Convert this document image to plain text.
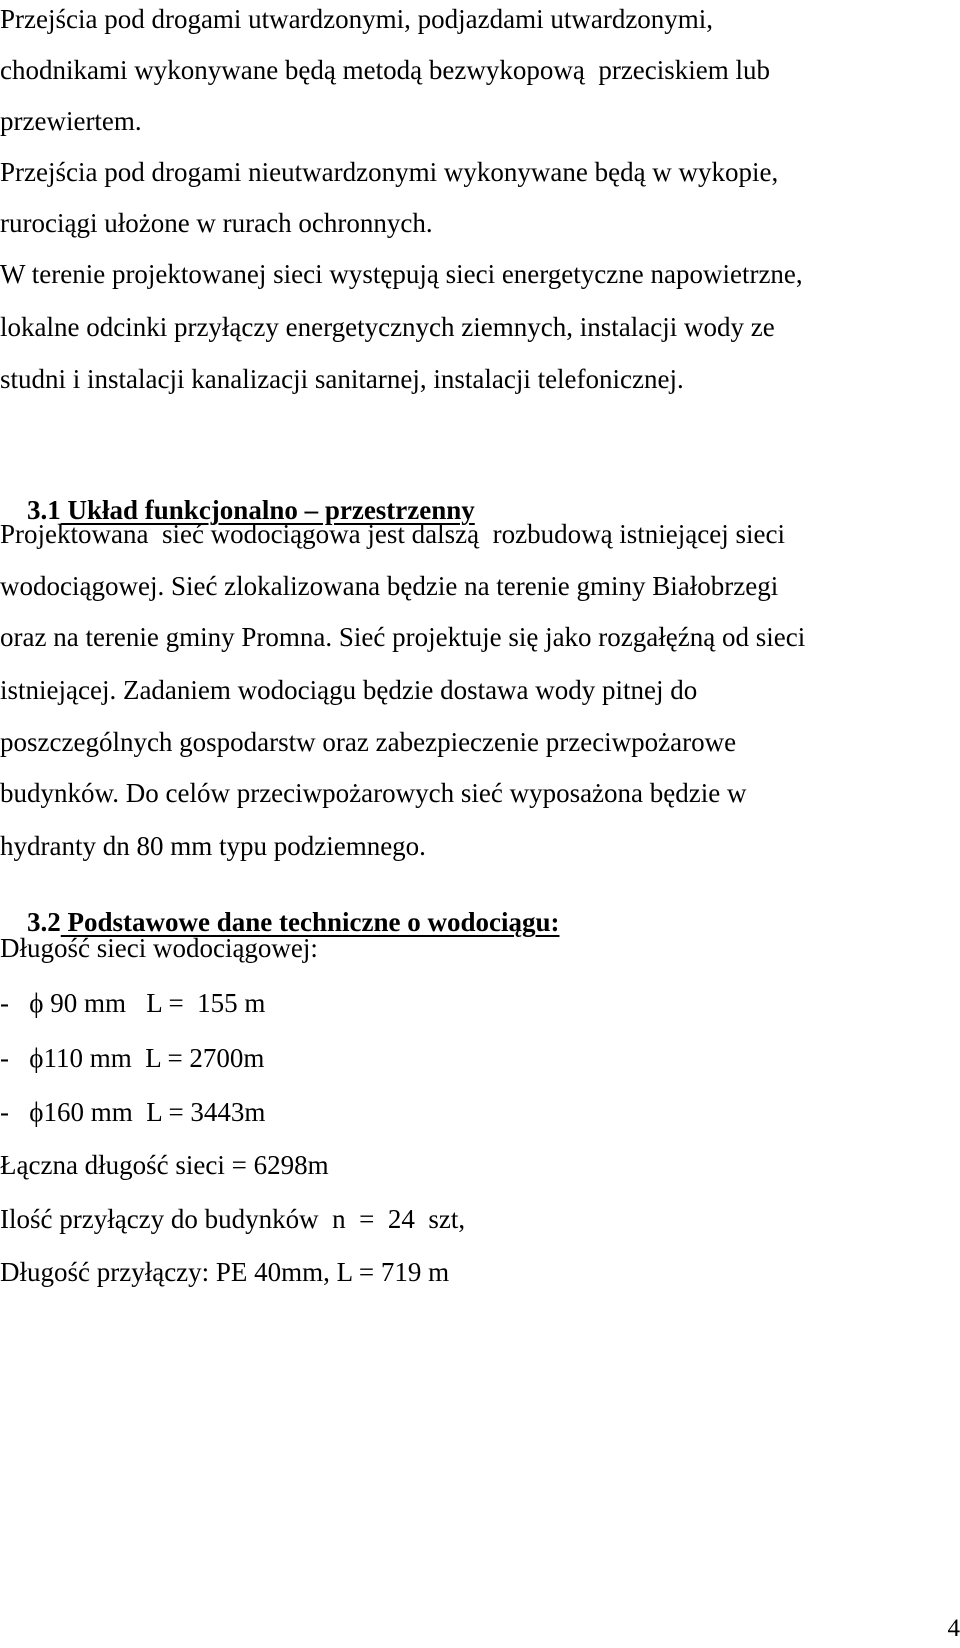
Przejścia pod drogami utwardzonymi, podjazdami utwardzonymi,
chodnikami wykonywane będą metodą bezwykopową  przeciskiem lub
przewiertem.
Przejścia pod drogami nieutwardzonymi wykonywane będą w wykopie,
rurociągi ułożone w rurach ochronnych.
W terenie projektowanej sieci występują sieci energetyczne napowietrzne,
lokalne odcinki przyłączy energetycznych ziemnych, instalacji wody ze
studni i instalacji kanalizacji sanitarnej, instalacji telefonicznej.

3.1 Układ funkcjonalno – przestrzenny

Projektowana  sieć wodociągowa jest dalszą  rozbudową istniejącej sieci
wodociągowej. Sieć zlokalizowana będzie na terenie gminy Białobrzegi
oraz na terenie gminy Promna. Sieć projektuje się jako rozgałęźną od sieci
istniejącej. Zadaniem wodociągu będzie dostawa wody pitnej do
poszczególnych gospodarstw oraz zabezpieczenie przeciwpożarowe
budynków. Do celów przeciwpożarowych sieć wyposażona będzie w
hydranty dn 80 mm typu podziemnego.

3.2 Podstawowe dane techniczne o wodociągu:

Długość sieci wodociągowej:
-   ϕ 90 mm   L =  155 m
-   ϕ110 mm  L = 2700m
-   ϕ160 mm  L = 3443m
Łączna długość sieci = 6298m
Ilość przyłączy do budynków  n  =  24  szt,
Długość przyłączy: PE 40mm, L = 719 m
4
